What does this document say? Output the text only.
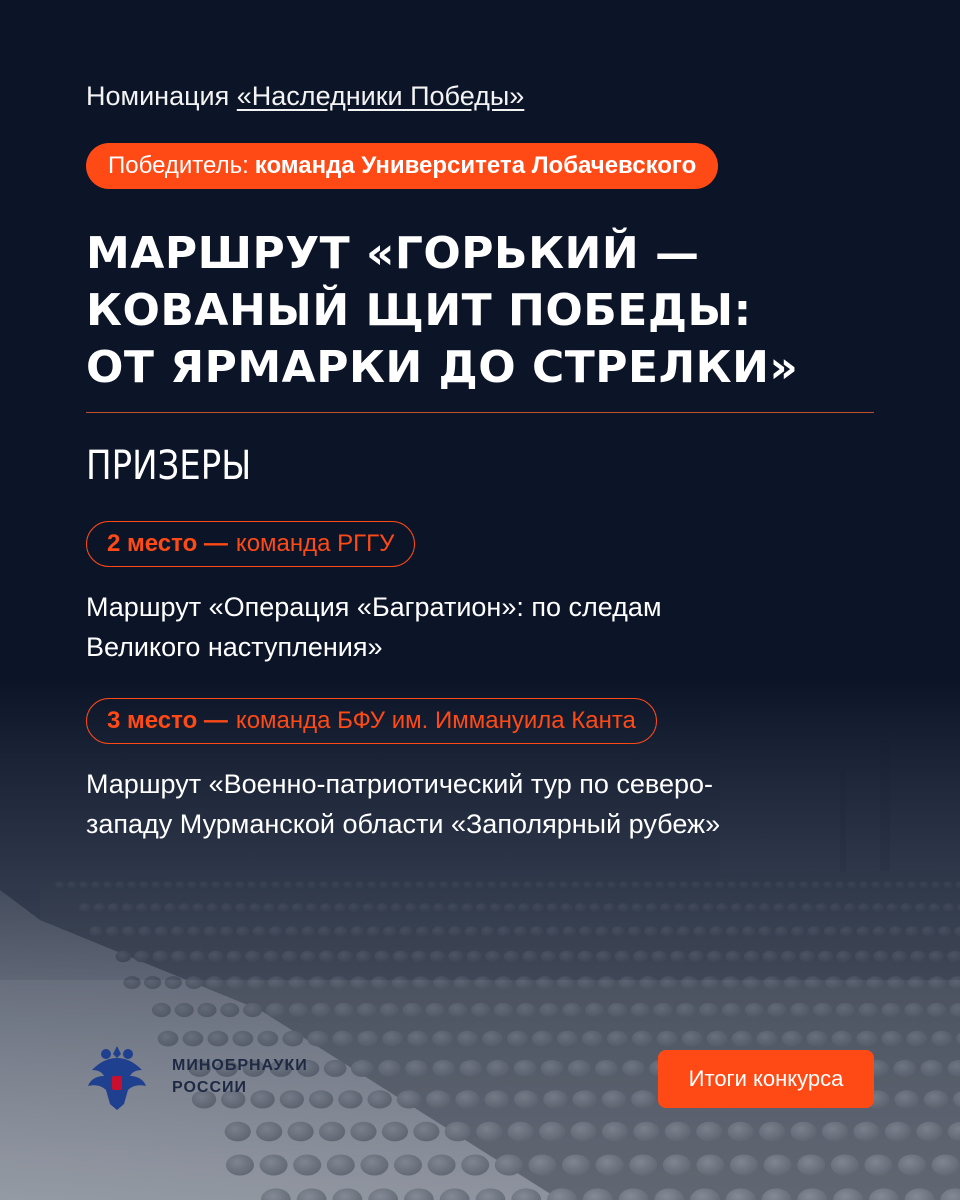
Номинация «Наследники Победы»
Победитель: команда Университета Лобачевского
МАРШРУТ «ГОРЬКИЙ —
КОВАНЫЙ ЩИТ ПОБЕДЫ:
ОТ ЯРМАРКИ ДО СТРЕЛКИ»
ПРИЗЕРЫ
2 место — команда РГГУ

Маршрут «Операция «Багратион»: по следам
Великого наступления»

3 место — команда БФУ им. Иммануила Канта

Маршрут «Военно-патриотический тур по северо-
западу Мурманской области «Заполярный рубеж»

МИНОБРНАУКИ
РОССИИ	Итоги конкурса
